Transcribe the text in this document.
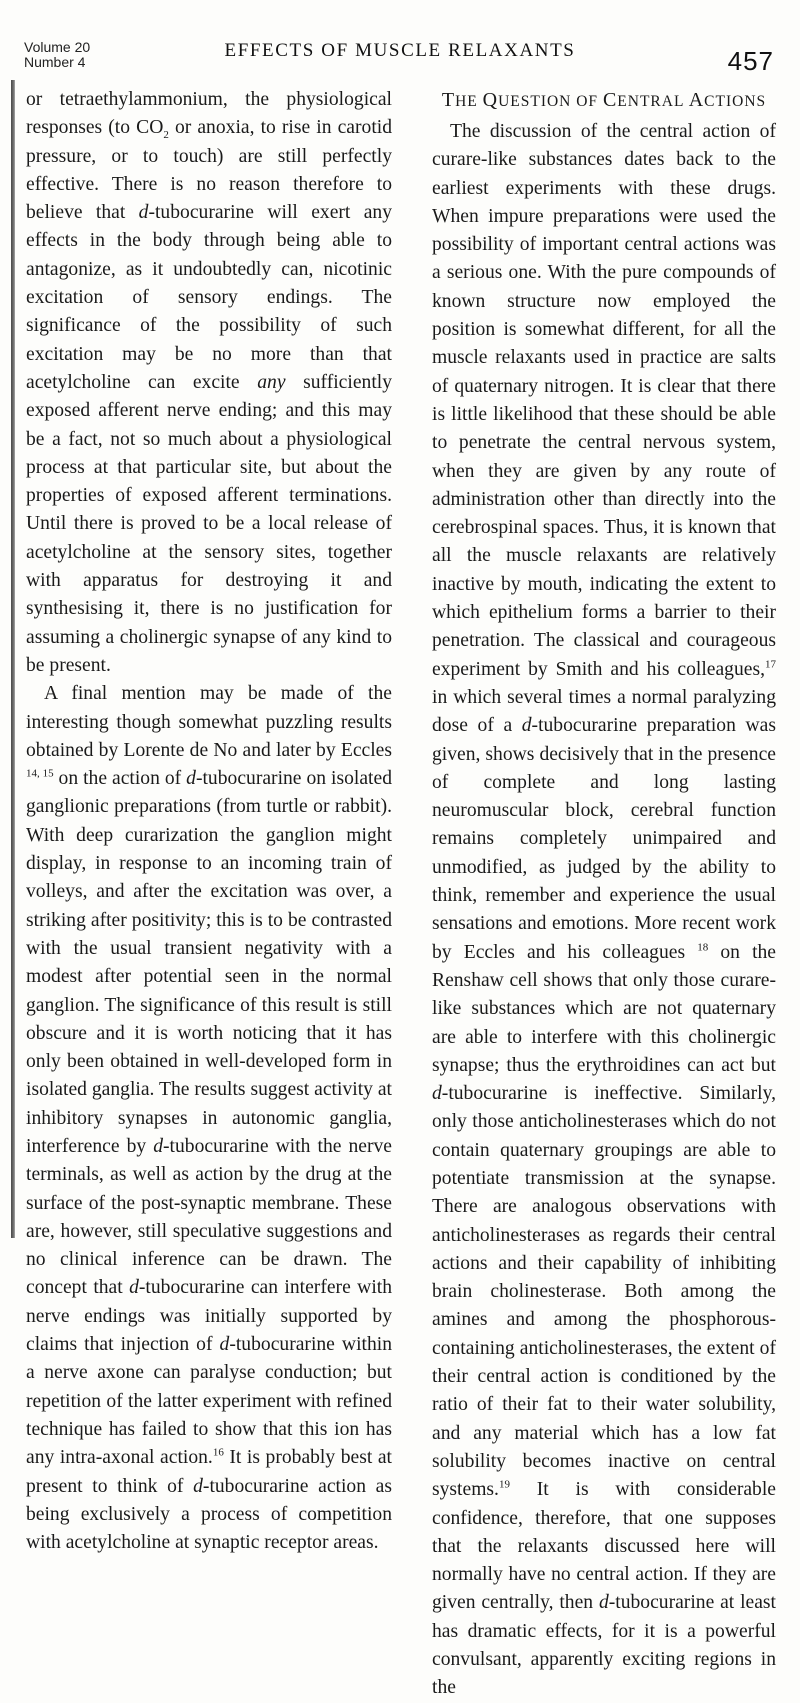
Volume 20
Number 4
EFFECTS OF MUSCLE RELAXANTS	457

or tetraethylammonium, the physiological responses (to $CO_2$ or anoxia, to rise in carotid pressure, or to touch) are still perfectly effective. There is no reason therefore to believe that d-tubocurarine will exert any effects in the body through being able to antagonize, as it undoubtedly can, nicotinic excitation of sensory endings. The significance of the possibility of such excitation may be no more than that acetylcholine can excite any sufficiently exposed afferent nerve ending; and this may be a fact, not so much about a physiological process at that particular site, but about the properties of exposed afferent terminations. Until there is proved to be a local release of acetylcholine at the sensory sites, together with apparatus for destroying it and synthesising it, there is no justification for assuming a cholinergic synapse of any kind to be present.

A final mention may be made of the interesting though somewhat puzzling results obtained by Lorente de No and later by Eccles $^{14, 15}$ on the action of d-tubocurarine on isolated ganglionic preparations (from turtle or rabbit). With deep curarization the ganglion might display, in response to an incoming train of volleys, and after the excitation was over, a striking after positivity; this is to be contrasted with the usual transient negativity with a modest after potential seen in the normal ganglion. The significance of this result is still obscure and it is worth noticing that it has only been obtained in well-developed form in isolated ganglia. The results suggest activity at inhibitory synapses in autonomic ganglia, interference by d-tubocurarine with the nerve terminals, as well as action by the drug at the surface of the post-synaptic membrane. These are, however, still speculative suggestions and no clinical inference can be drawn. The concept that d-tubocurarine can interfere with nerve endings was initially supported by claims that injection of d-tubocurarine within a nerve axone can paralyse conduction; but repetition of the latter experiment with refined technique has failed to show that this ion has any intra-axonal action.$^{16}$ It is probably best at present to think of d-tubocurarine action as being exclusively a process of competition with acetylcholine at synaptic receptor areas.

THE QUESTION OF CENTRAL ACTIONS

The discussion of the central action of curare-like substances dates back to the earliest experiments with these drugs. When impure preparations were used the possibility of important central actions was a serious one. With the pure compounds of known structure now employed the position is somewhat different, for all the muscle relaxants used in practice are salts of quaternary nitrogen. It is clear that there is little likelihood that these should be able to penetrate the central nervous system, when they are given by any route of administration other than directly into the cerebrospinal spaces. Thus, it is known that all the muscle relaxants are relatively inactive by mouth, indicating the extent to which epithelium forms a barrier to their penetration. The classical and courageous experiment by Smith and his colleagues,$^{17}$ in which several times a normal paralyzing dose of a d-tubocurarine preparation was given, shows decisively that in the presence of complete and long lasting neuromuscular block, cerebral function remains completely unimpaired and unmodified, as judged by the ability to think, remember and experience the usual sensations and emotions. More recent work by Eccles and his colleagues $^{18}$ on the Renshaw cell shows that only those curare-like substances which are not quaternary are able to interfere with this cholinergic synapse; thus the erythroidines can act but d-tubocurarine is ineffective. Similarly, only those anticholinesterases which do not contain quaternary groupings are able to potentiate transmission at the synapse. There are analogous observations with anticholinesterases as regards their central actions and their capability of inhibiting brain cholinesterase. Both among the amines and among the phosphorous-containing anticholinesterases, the extent of their central action is conditioned by the ratio of their fat to their water solubility, and any material which has a low fat solubility becomes inactive on central systems.$^{19}$ It is with considerable confidence, therefore, that one supposes that the relaxants discussed here will normally have no central action. If they are given centrally, then d-tubocurarine at least has dramatic effects, for it is a powerful convulsant, apparently exciting regions in the
